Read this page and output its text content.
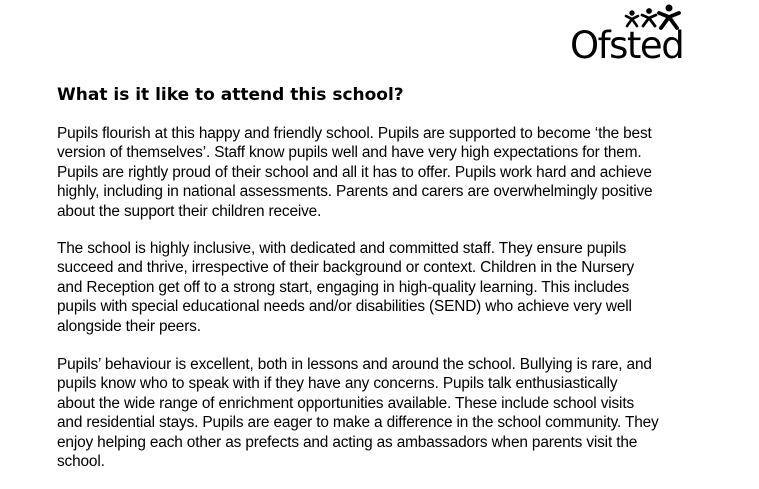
Ofsted
What is it like to attend this school?

Pupils flourish at this happy and friendly school. Pupils are supported to become ‘the best
version of themselves’. Staff know pupils well and have very high expectations for them.
Pupils are rightly proud of their school and all it has to offer. Pupils work hard and achieve
highly, including in national assessments. Parents and carers are overwhelmingly positive
about the support their children receive.

The school is highly inclusive, with dedicated and committed staff. They ensure pupils
succeed and thrive, irrespective of their background or context. Children in the Nursery
and Reception get off to a strong start, engaging in high-quality learning. This includes
pupils with special educational needs and/or disabilities (SEND) who achieve very well
alongside their peers.

Pupils’ behaviour is excellent, both in lessons and around the school. Bullying is rare, and
pupils know who to speak with if they have any concerns. Pupils talk enthusiastically
about the wide range of enrichment opportunities available. These include school visits
and residential stays. Pupils are eager to make a difference in the school community. They
enjoy helping each other as prefects and acting as ambassadors when parents visit the
school.
